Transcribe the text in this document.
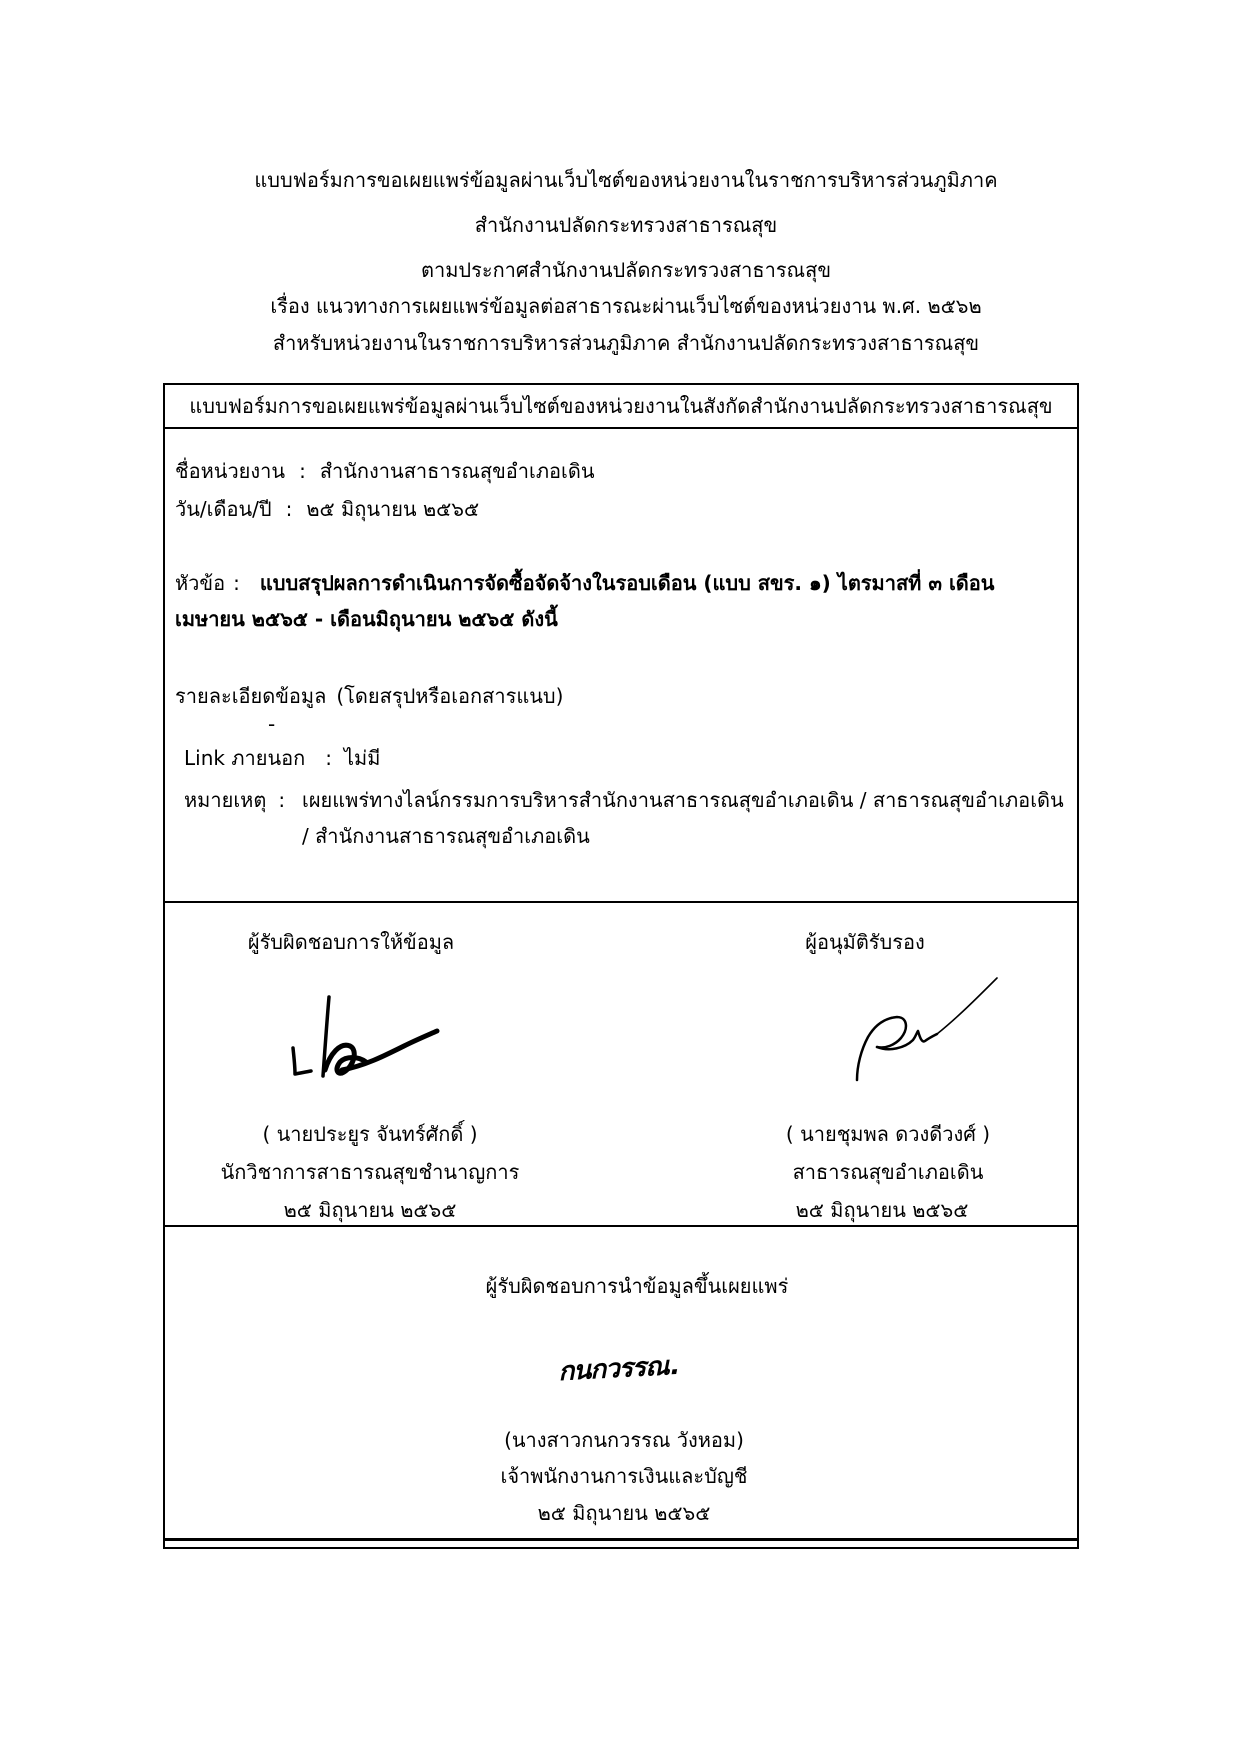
แบบฟอร์มการขอเผยแพร่ข้อมูลผ่านเว็บไซต์ของหน่วยงานในราชการบริหารส่วนภูมิภาค
สำนักงานปลัดกระทรวงสาธารณสุข
ตามประกาศสำนักงานปลัดกระทรวงสาธารณสุข
เรื่อง แนวทางการเผยแพร่ข้อมูลต่อสาธารณะผ่านเว็บไซต์ของหน่วยงาน พ.ศ. ๒๕๖๒
สำหรับหน่วยงานในราชการบริหารส่วนภูมิภาค สำนักงานปลัดกระทรวงสาธารณสุข
แบบฟอร์มการขอเผยแพร่ข้อมูลผ่านเว็บไซต์ของหน่วยงานในสังกัดสำนักงานปลัดกระทรวงสาธารณสุข
ชื่อหน่วยงาน : สำนักงานสาธารณสุขอำเภอเดิน
วัน/เดือน/ปี : ๒๕ มิถุนายน ๒๕๖๕
หัวข้อ : แบบสรุปผลการดำเนินการจัดซื้อจัดจ้างในรอบเดือน (แบบ สขร. ๑) ไตรมาสที่ ๓ เดือน
เมษายน ๒๕๖๕ - เดือนมิถุนายน ๒๕๖๕ ดังนี้
รายละเอียดข้อมูล (โดยสรุปหรือเอกสารแนบ)
-
Link ภายนอก : ไม่มี
หมายเหตุ : เผยแพร่ทางไลน์กรรมการบริหารสำนักงานสาธารณสุขอำเภอเดิน / สาธารณสุขอำเภอเดิน
/ สำนักงานสาธารณสุขอำเภอเดิน
ผู้รับผิดชอบการให้ข้อมูล
( นายประยูร จันทร์ศักดิ์ )
นักวิชาการสาธารณสุขชำนาญการ
๒๕ มิถุนายน ๒๕๖๕
ผู้อนุมัติรับรอง
( นายชุมพล ดวงดีวงศ์ )
สาธารณสุขอำเภอเดิน
๒๕ มิถุนายน ๒๕๖๕
ผู้รับผิดชอบการนำข้อมูลขึ้นเผยแพร่
กนกวรรณ.
(นางสาวกนกวรรณ วังหอม)
เจ้าพนักงานการเงินและบัญชี
๒๕ มิถุนายน ๒๕๖๕
